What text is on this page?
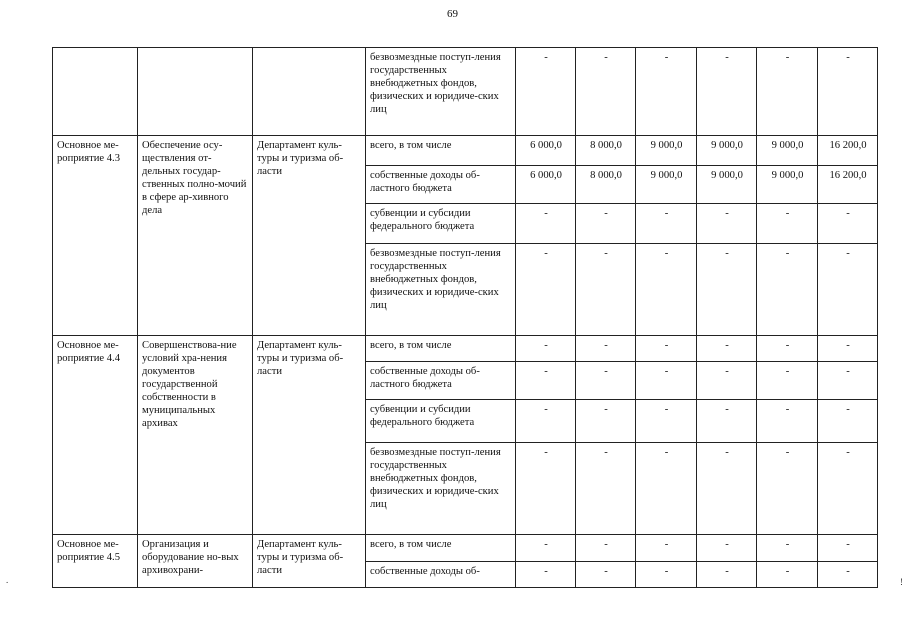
69
.	!
			безвозмездные поступ-ления государственных внебюджетных фондов, физических и юридиче-ских лиц	-	-	-	-	-	-
Основное ме-роприятие 4.3	Обеспечение осу-ществления от-дельных государ-ственных полно-мочий в сфере ар-хивного дела	Департамент куль-туры и туризма об-ласти	всего, в том числе	6 000,0	8 000,0	9 000,0	9 000,0	9 000,0	16 200,0
			собственные доходы об-ластного бюджета	6 000,0	8 000,0	9 000,0	9 000,0	9 000,0	16 200,0
			субвенции и субсидии федерального бюджета	-	-	-	-	-	-
			безвозмездные поступ-ления государственных внебюджетных фондов, физических и юридиче-ских лиц	-	-	-	-	-	-
Основное ме-роприятие 4.4	Совершенствова-ние условий хра-нения документов государственной собственности в муниципальных архивах	Департамент куль-туры и туризма об-ласти	всего, в том числе	-	-	-	-	-	-
			собственные доходы об-ластного бюджета	-	-	-	-	-	-
			субвенции и субсидии федерального бюджета	-	-	-	-	-	-
			безвозмездные поступ-ления государственных внебюджетных фондов, физических и юридиче-ских лиц	-	-	-	-	-	-
Основное ме-роприятие 4.5	Организация и оборудование но-вых архивохрани-	Департамент куль-туры и туризма об-ласти	всего, в том числе	-	-	-	-	-	-
			собственные доходы об-	-	-	-	-	-	-
